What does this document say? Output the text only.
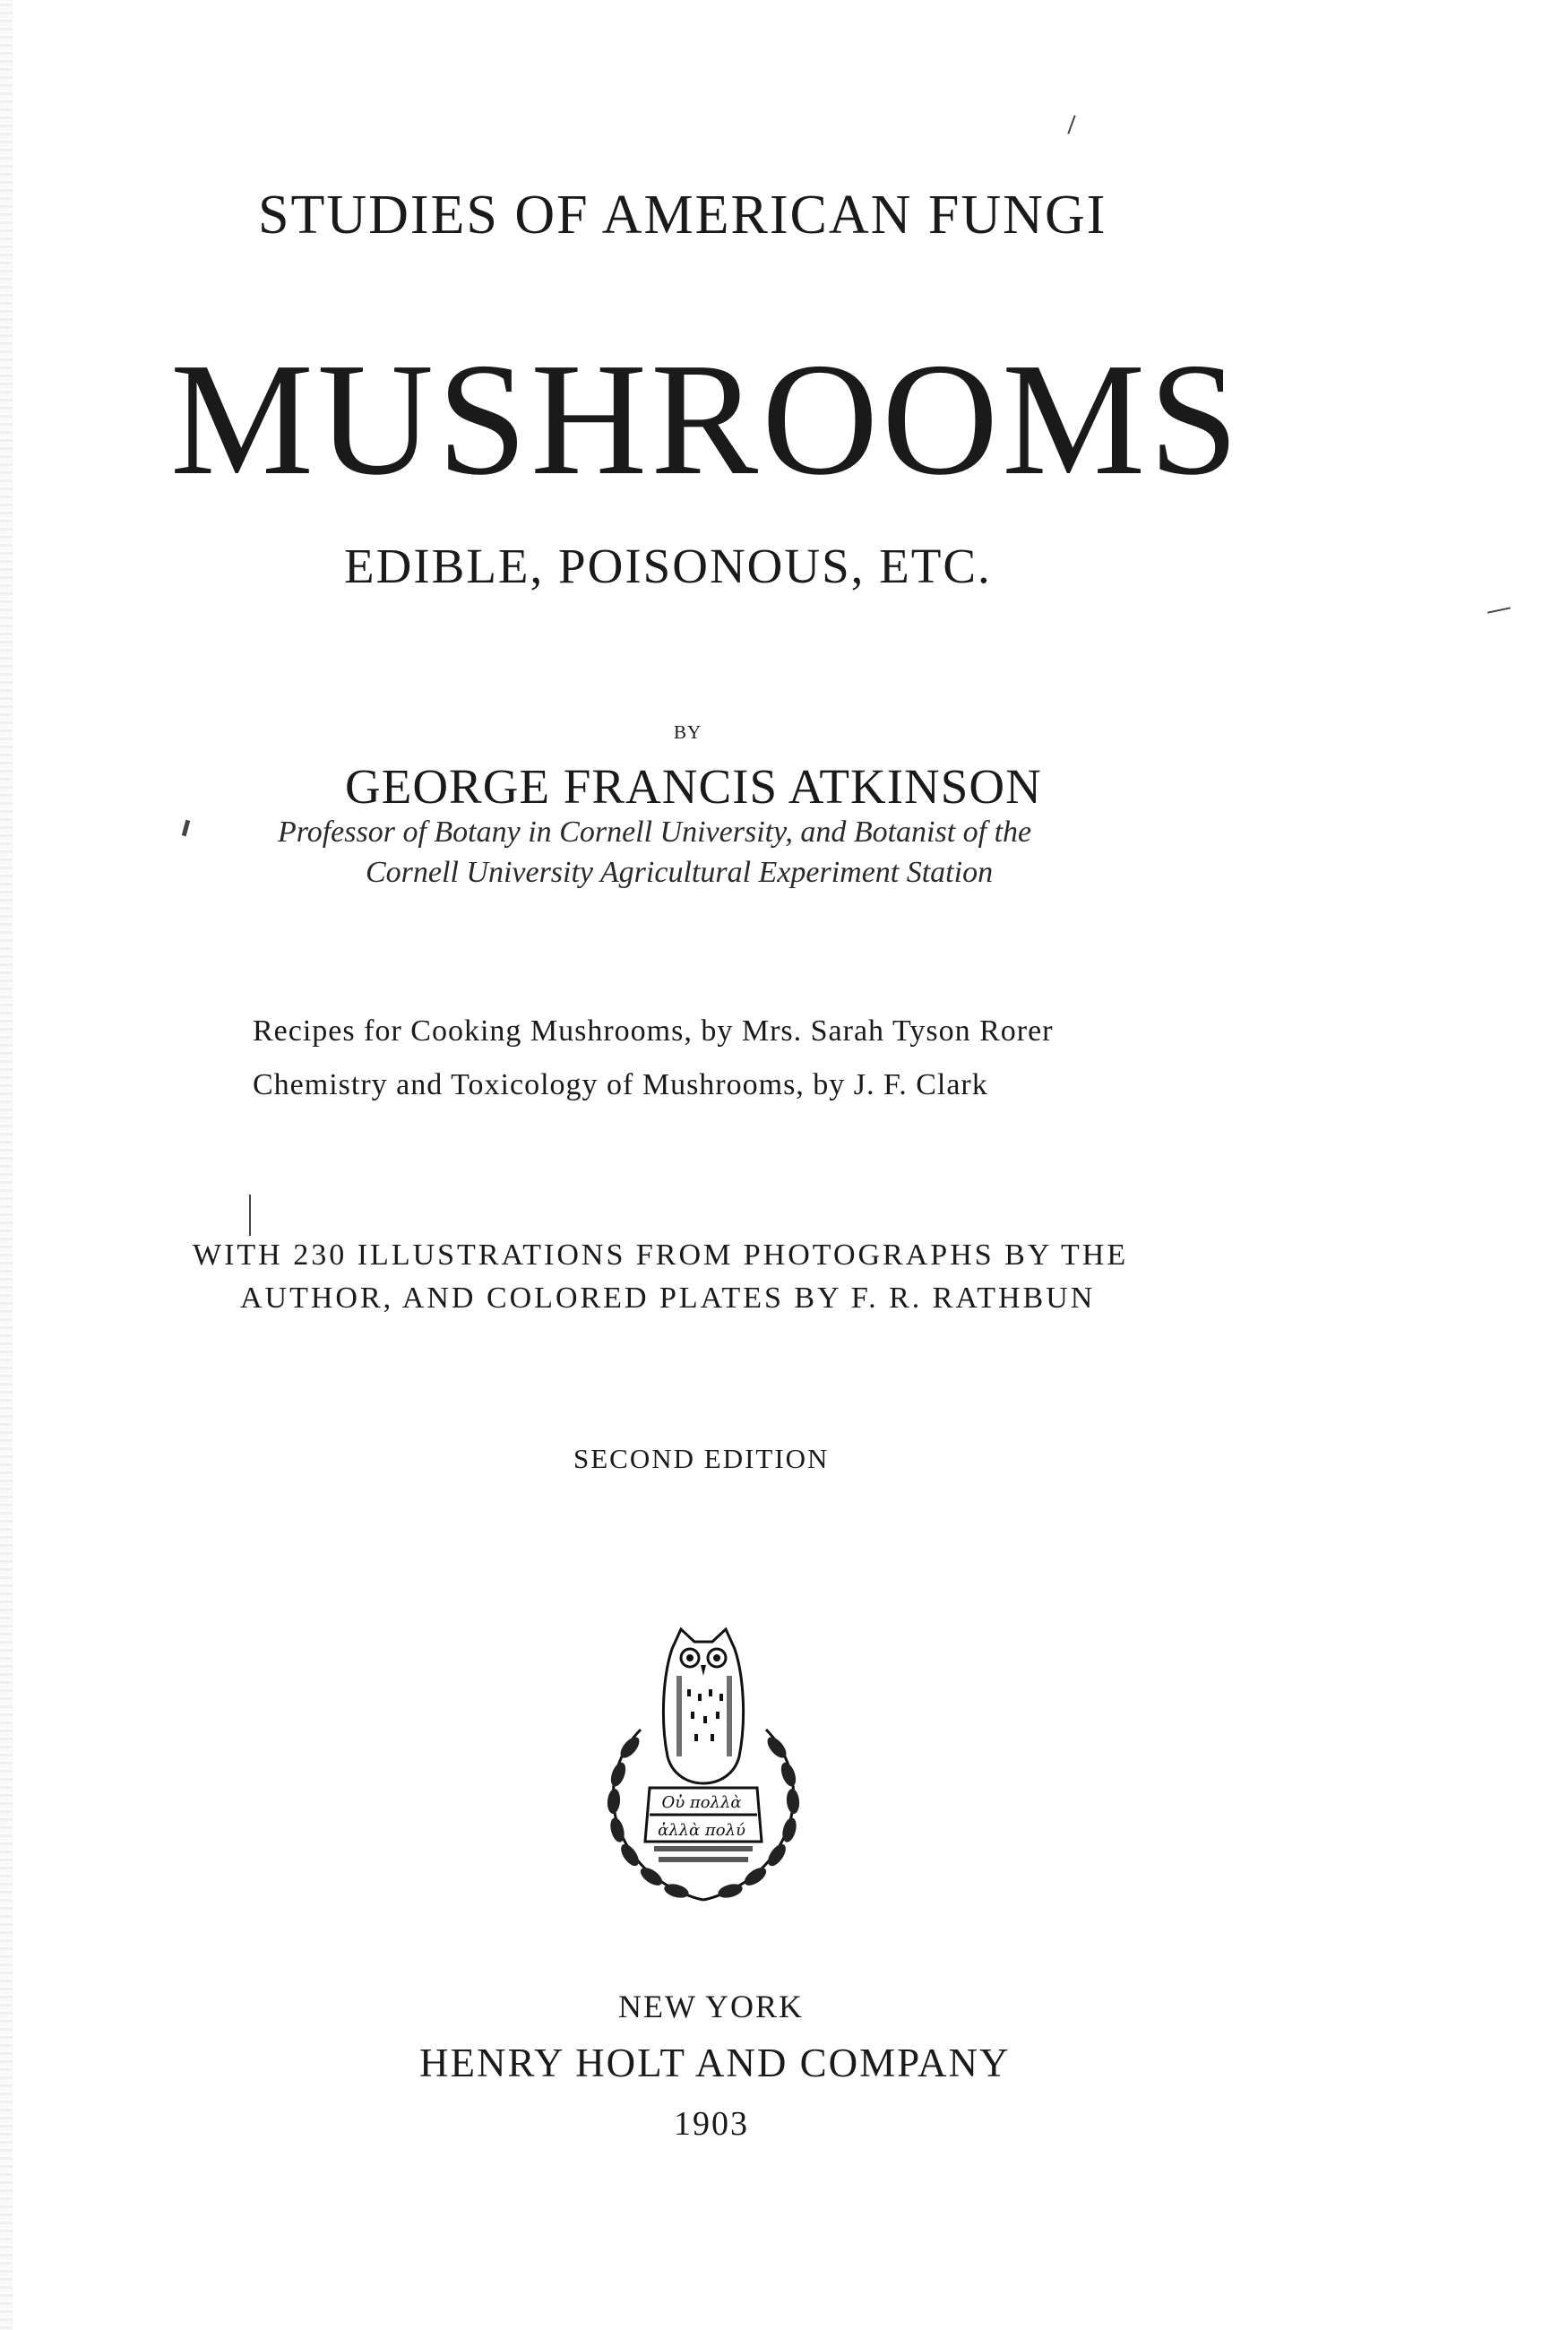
STUDIES OF AMERICAN FUNGI
MUSHROOMS
EDIBLE, POISONOUS, ETC.
BY
GEORGE FRANCIS ATKINSON
Professor of Botany in Cornell University, and Botanist of the
Cornell University Agricultural Experiment Station
Recipes for Cooking Mushrooms, by Mrs. Sarah Tyson Rorer
Chemistry and Toxicology of Mushrooms, by J. F. Clark
WITH 230 ILLUSTRATIONS FROM PHOTOGRAPHS BY THE
AUTHOR, AND COLORED PLATES BY F. R. RATHBUN
SECOND EDITION
Οὐ πολλὰ
ἀλλὰ πολύ
NEW YORK
HENRY HOLT AND COMPANY
1903
